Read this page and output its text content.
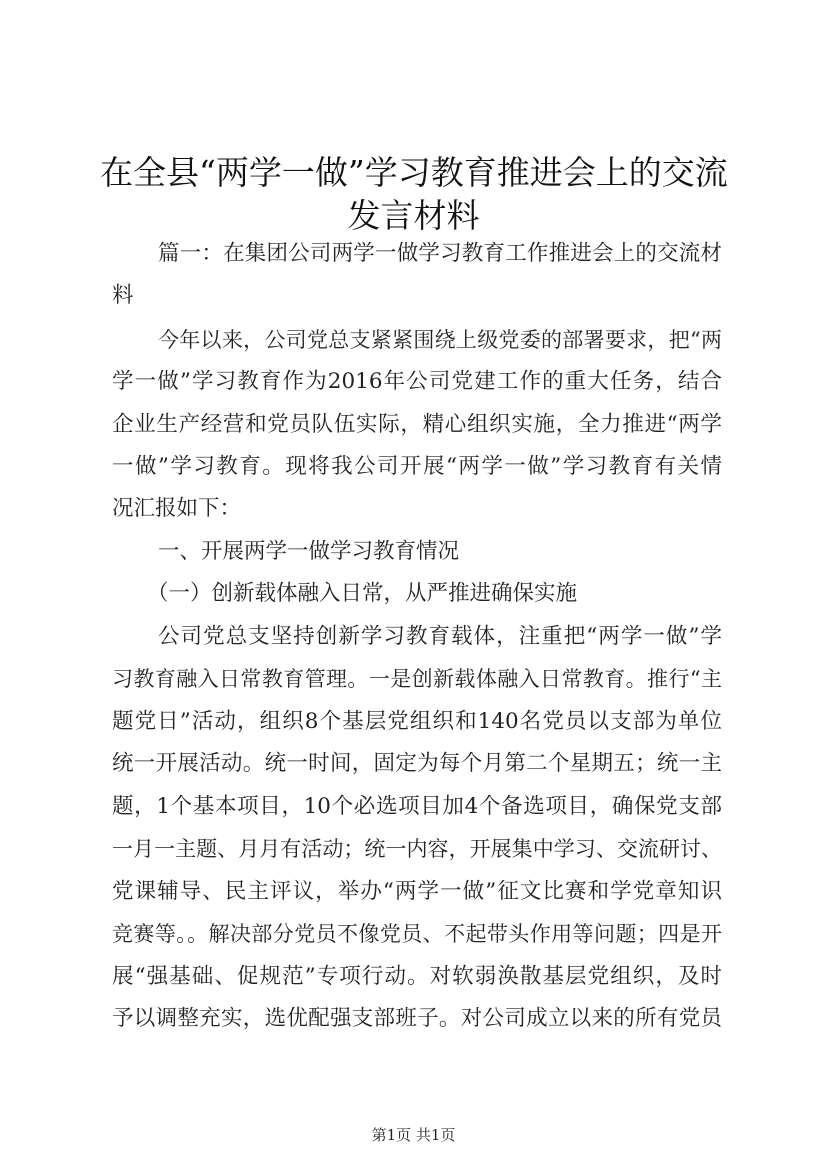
在全县“两学一做”学习教育推进会上的交流
发言材料
篇一：在集团公司两学一做学习教育工作推进会上的交流材
料
今年以来，公司党总支紧紧围绕上级党委的部署要求，把“两
学一做”学习教育作为2016年公司党建工作的重大任务，结合
企业生产经营和党员队伍实际，精心组织实施，全力推进“两学
一做”学习教育。现将我公司开展“两学一做”学习教育有关情
况汇报如下：
一、开展两学一做学习教育情况
（一）创新载体融入日常，从严推进确保实施
公司党总支坚持创新学习教育载体，注重把“两学一做”学
习教育融入日常教育管理。一是创新载体融入日常教育。推行“主
题党日”活动，组织8个基层党组织和140名党员以支部为单位
统一开展活动。统一时间，固定为每个月第二个星期五；统一主
题，1个基本项目，10个必选项目加4个备选项目，确保党支部
一月一主题、月月有活动；统一内容，开展集中学习、交流研讨、
党课辅导、民主评议，举办“两学一做”征文比赛和学党章知识
竞赛等。。解决部分党员不像党员、不起带头作用等问题；四是开
展“强基础、促规范”专项行动。对软弱涣散基层党组织，及时
予以调整充实，选优配强支部班子。对公司成立以来的所有党员
第1页 共1页
